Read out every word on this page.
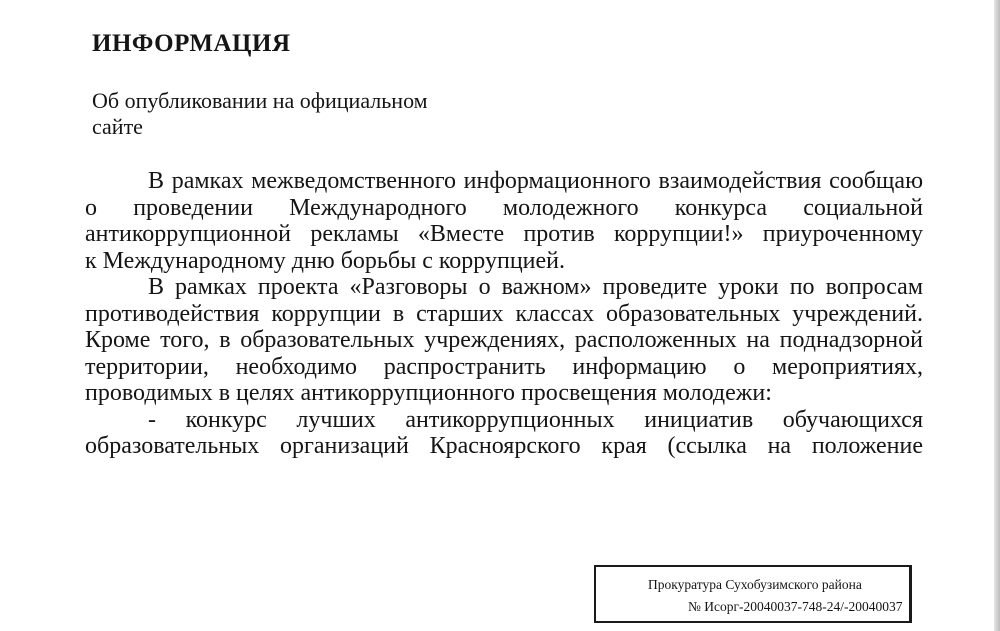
ИНФОРМАЦИЯ
Об опубликовании на официальном
сайте
В рамках межведомственного информационного взаимодействия сообщаю
о проведении Международного молодежного конкурса социальной
антикоррупционной рекламы «Вместе против коррупции!» приуроченному
к Международному дню борьбы с коррупцией.
В рамках проекта «Разговоры о важном» проведите уроки по вопросам
противодействия коррупции в старших классах образовательных учреждений.
Кроме того, в образовательных учреждениях, расположенных на поднадзорной
территории, необходимо распространить информацию о мероприятиях,
проводимых в целях антикоррупционного просвещения молодежи:
- конкурс лучших антикоррупционных инициатив обучающихся
образовательных организаций Красноярского края (ссылка на положение
Прокуратура Сухобузимского района
№ Исорг-20040037-748-24/-20040037
